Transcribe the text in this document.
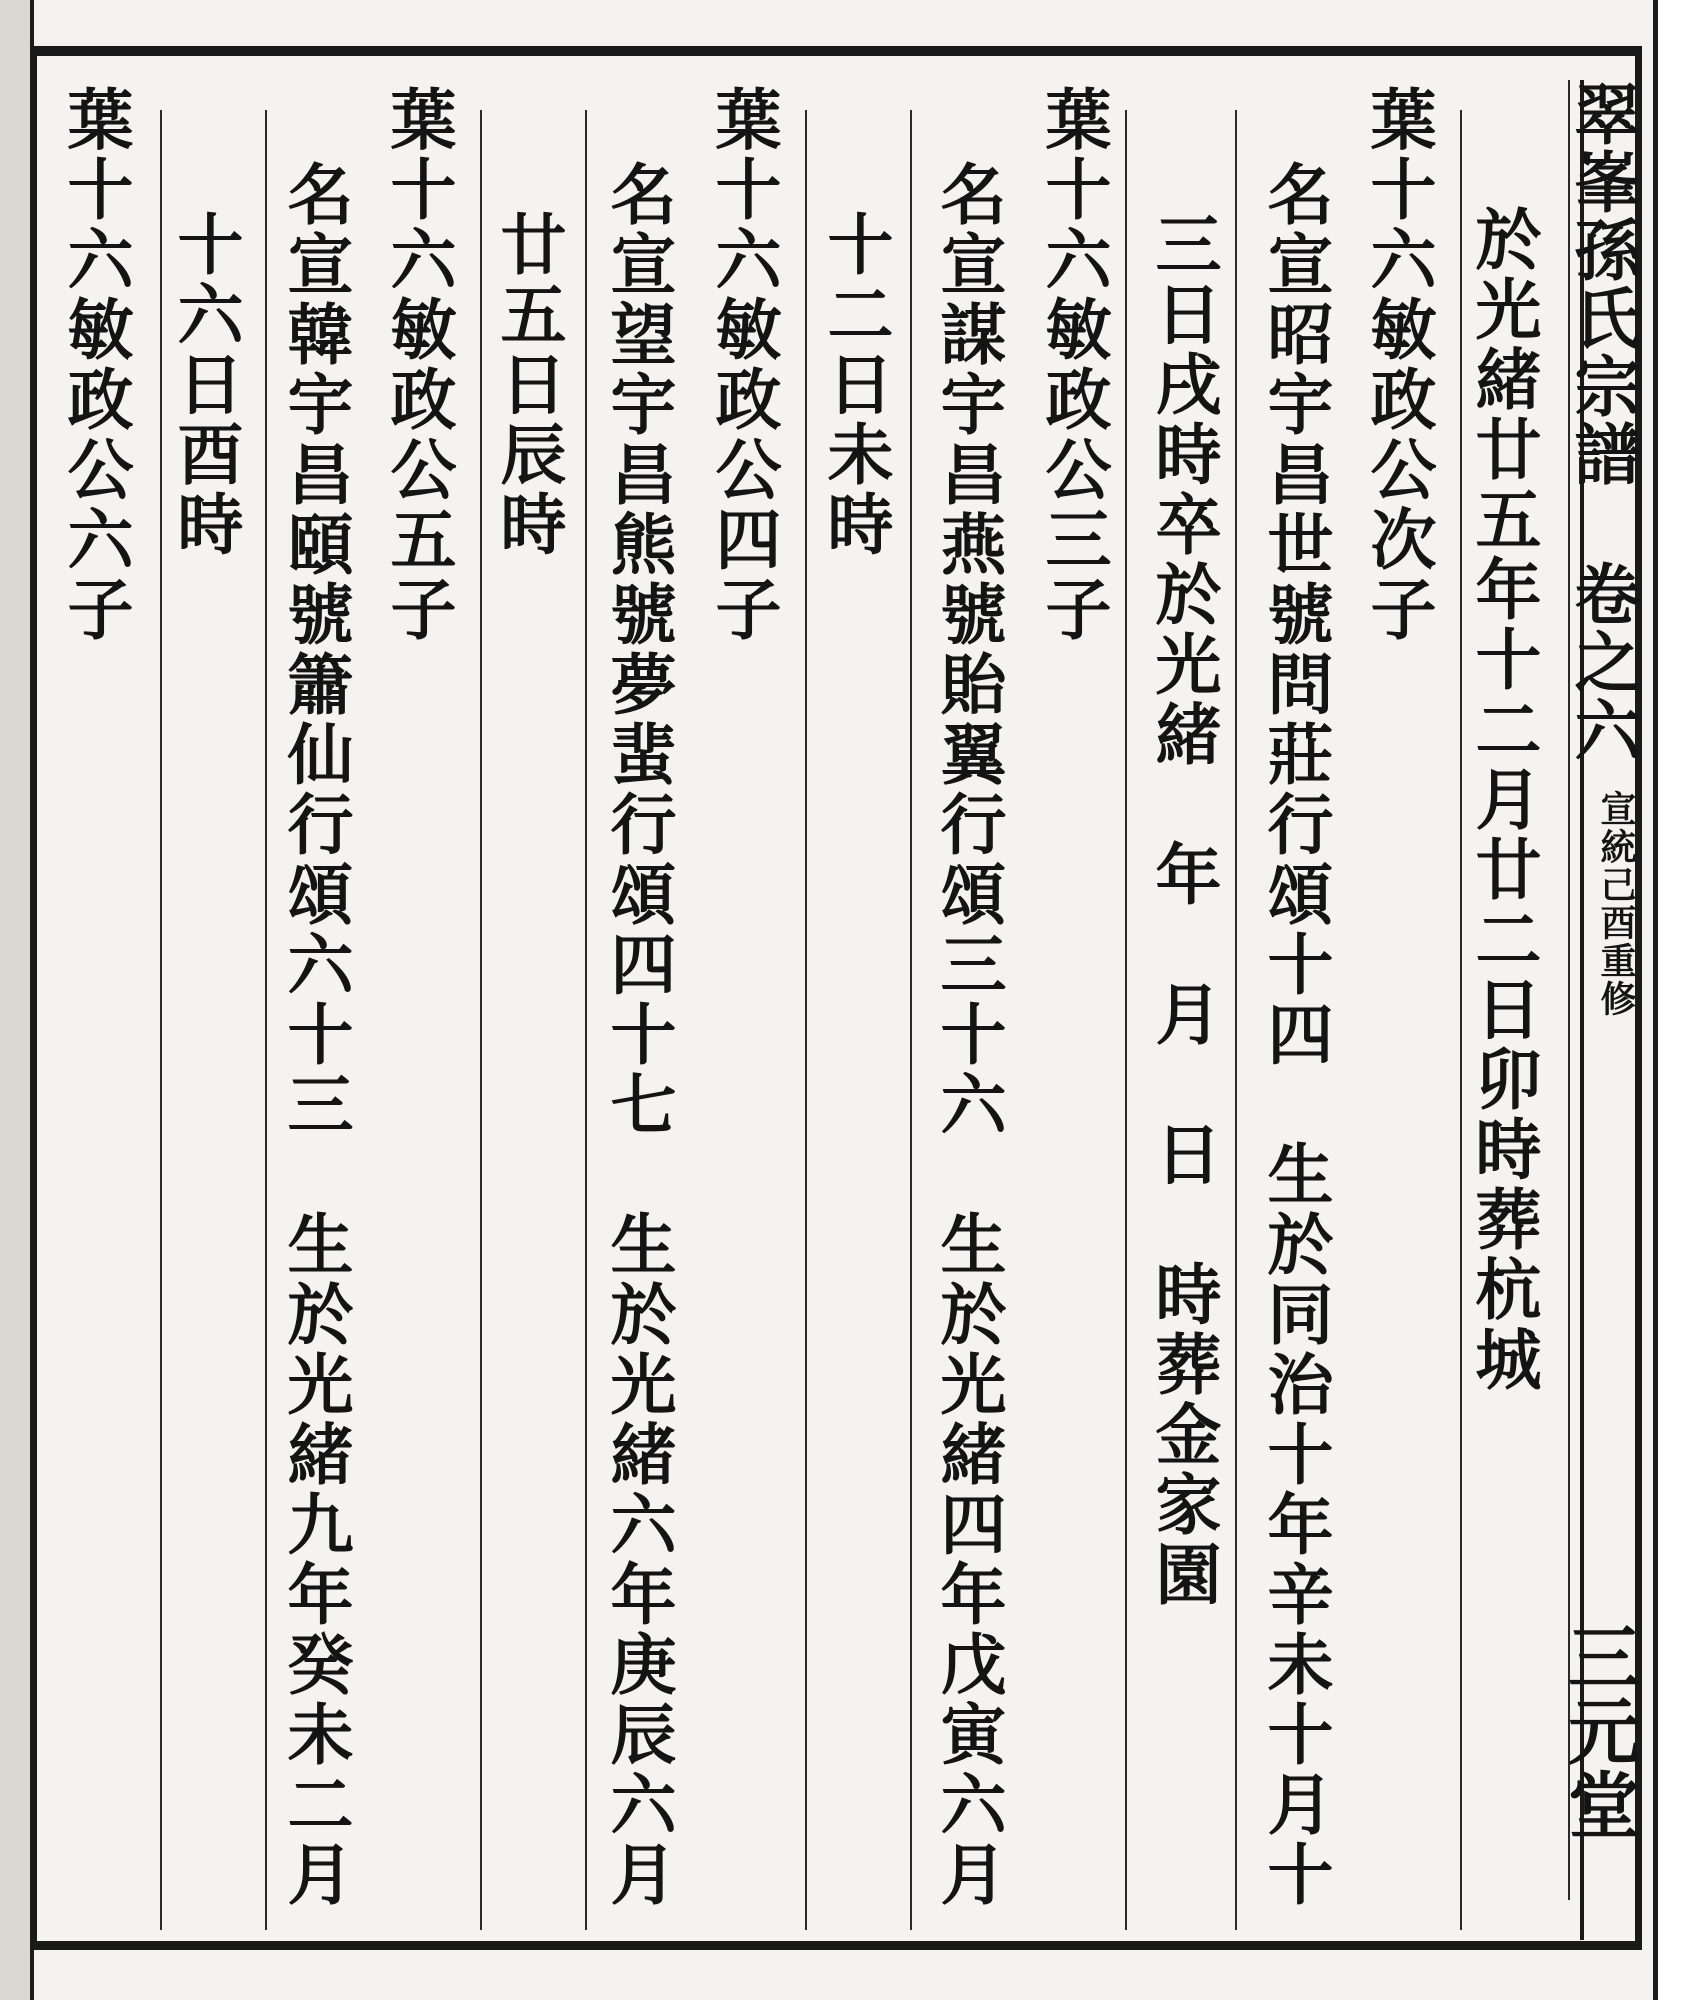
翠峯孫氏宗譜
卷之六
宣統己酉重修
三元堂
於光緒廿五年十二月廿二日卯時葬杭城
葉十六敏政公次子
名宣昭宇昌世號問莊行頌十四　生於同治十年辛未十月十
三日戌時卒於光緒　年　月　日　時葬金家園
葉十六敏政公三子
名宣謀宇昌燕號貽翼行頌三十六　生於光緒四年戊寅六月
十二日未時
葉十六敏政公四子
名宣望宇昌熊號夢蜚行頌四十七　生於光緒六年庚辰六月
廿五日辰時
葉十六敏政公五子
名宣韓宇昌頤號簫仙行頌六十三　生於光緒九年癸未二月
十六日酉時
葉十六敏政公六子
